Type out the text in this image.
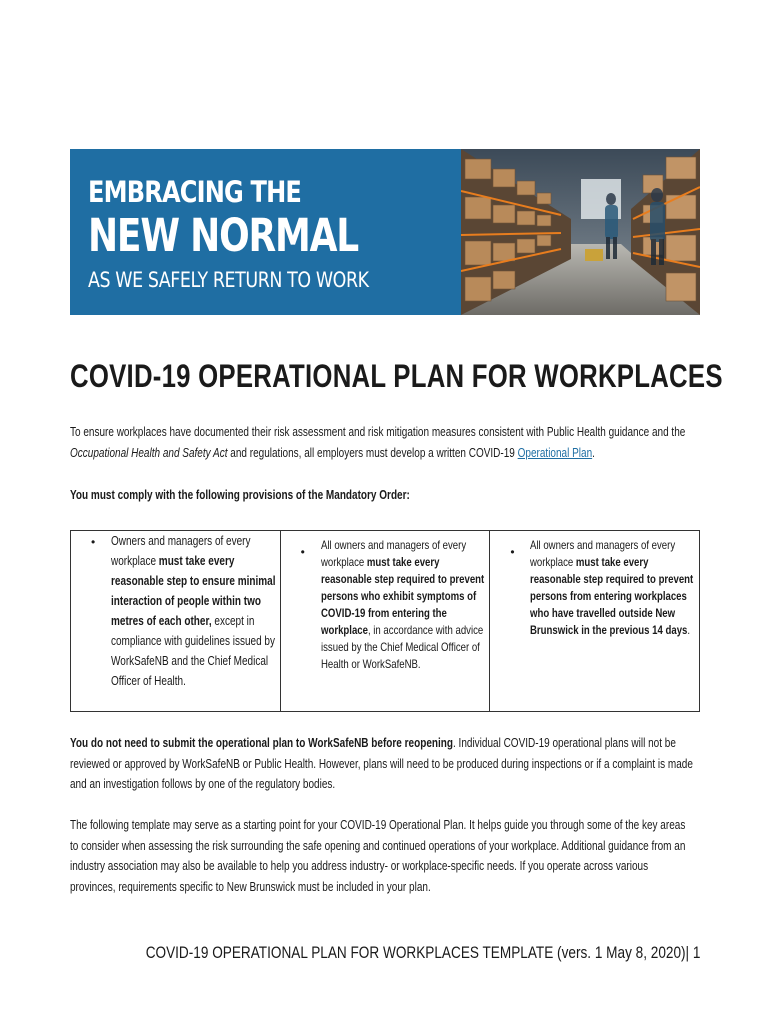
EMBRACING THE
NEW NORMAL
AS WE SAFELY RETURN TO WORK
COVID-19 OPERATIONAL PLAN FOR WORKPLACES
To ensure workplaces have documented their risk assessment and risk mitigation measures consistent with Public Health guidance and the Occupational Health and Safety Act and regulations, all employers must develop a written COVID-19 Operational Plan.
You must comply with the following provisions of the Mandatory Order:
• Owners and managers of every workplace must take every reasonable step to ensure minimal interaction of people within two metres of each other, except in compliance with guidelines issued by WorkSafeNB and the Chief Medical Officer of Health.

• All owners and managers of every workplace must take every reasonable step required to prevent persons who exhibit symptoms of COVID-19 from entering the workplace, in accordance with advice issued by the Chief Medical Officer of Health or WorkSafeNB.

• All owners and managers of every workplace must take every reasonable step required to prevent persons from entering workplaces who have travelled outside New Brunswick in the previous 14 days.

You do not need to submit the operational plan to WorkSafeNB before reopening. Individual COVID-19 operational plans will not be reviewed or approved by WorkSafeNB or Public Health. However, plans will need to be produced during inspections or if a complaint is made and an investigation follows by one of the regulatory bodies.
The following template may serve as a starting point for your COVID-19 Operational Plan. It helps guide you through some of the key areas to consider when assessing the risk surrounding the safe opening and continued operations of your workplace. Additional guidance from an industry association may also be available to help you address industry- or workplace-specific needs. If you operate across various provinces, requirements specific to New Brunswick must be included in your plan.
COVID-19 OPERATIONAL PLAN FOR WORKPLACES TEMPLATE (vers. 1 May 8, 2020)| 1
